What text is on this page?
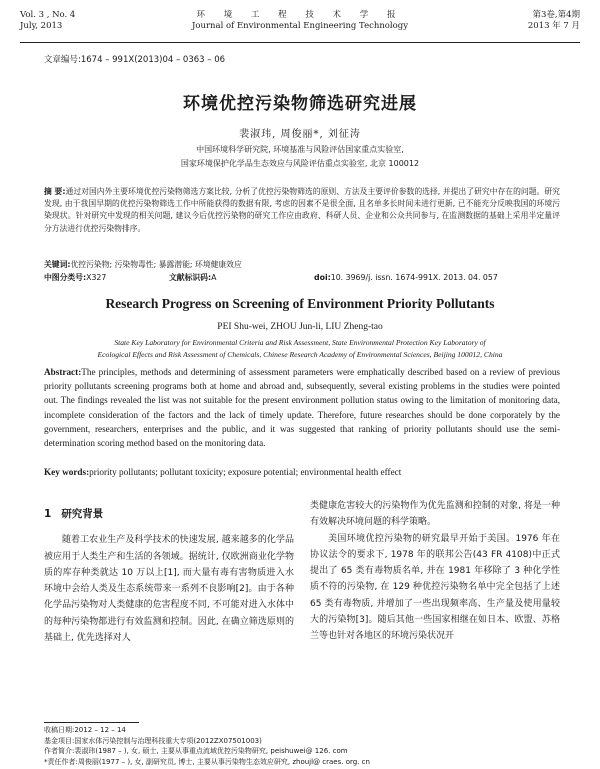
Vol. 3 , No. 4
July, 2013
环 境 工 程 技 术 学 报
Journal of Environmental Engineering Technology
第3卷,第4期
2013 年 7 月
文章编号:1674 – 991X(2013)04 – 0363 – 06
环境优控污染物筛选研究进展
裴淑玮, 周俊丽*, 刘征涛
中国环境科学研究院, 环境基准与风险评估国家重点实验室,
国家环境保护化学品生态效应与风险评估重点实验室, 北京 100012
摘 要:通过对国内外主要环境优控污染物筛选方案比较, 分析了优控污染物筛选的原则、方法及主要评价参数的选择, 并提出了研究中存在的问题。研究发现, 由于我国早期的优控污染物筛选工作中所能获得的数据有限, 考虑的因素不是很全面, 且名单多长时间未进行更新, 已不能充分反映我国的环境污染现状。针对研究中发现的相关问题, 建议今后优控污染物的研究工作应由政府、科研人员、企业和公众共同参与, 在监测数据的基础上采用半定量评分方法进行优控污染物排序。
关键词:优控污染物; 污染物毒性; 暴露潜能; 环境健康效应
中图分类号:X327	文献标识码:A	doi:10. 3969/j. issn. 1674-991X. 2013. 04. 057
Research Progress on Screening of Environment Priority Pollutants
PEI Shu-wei, ZHOU Jun-li, LIU Zheng-tao
State Key Laboratory for Environmental Criteria and Risk Assessment, State Environmental Protection Key Laboratory of
Ecological Effects and Risk Assessment of Chemicals, Chinese Research Academy of Environmental Sciences, Beijing 100012, China
Abstract:The principles, methods and determining of assessment parameters were emphatically described based on a review of previous priority pollutants screening programs both at home and abroad and, subsequently, several existing problems in the studies were pointed out. The findings revealed the list was not suitable for the present environment pollution status owing to the limitation of monitoring data, incomplete consideration of the factors and the lack of timely update. Therefore, future researches should be done corporately by the government, researchers, enterprises and the public, and it was suggested that ranking of priority pollutants should use the semi-determination scoring method based on the monitoring data.
Key words:priority pollutants; pollutant toxicity; exposure potential; environmental health effect
1 研究背景

随着工农业生产及科学技术的快速发展, 越来越多的化学品被应用于人类生产和生活的各领域。据统计, 仅欧洲商业化学物质的库存种类就达 10 万以上[1], 而大量有毒有害物质进入水环境中会给人类及生态系统带来一系列不良影响[2]。由于各种化学品污染物对人类健康的危害程度不同, 不可能对进入水体中的每种污染物都进行有效监测和控制。因此, 在确立筛选原则的基础上, 优先选择对人

类健康危害较大的污染物作为优先监测和控制的对象, 将是一种有效解决环境问题的科学策略。

美国环境优控污染物的研究最早开始于美国。1976 年在协议法令的要求下, 1978 年的联邦公告(43 FR 4108)中正式提出了 65 类有毒物质名单, 并在 1981 年移除了 3 种化学性质不符的污染物, 在 129 种优控污染物名单中完全包括了上述 65 类有毒物质, 并增加了一些出现频率高、生产量及使用量较大的污染物[3]。随后其他一些国家相继在如日本、欧盟、苏格兰等也针对各地区的环境污染状况开

收稿日期:2012 – 12 – 14
基金项目:国家水体污染控制与治理科技重大专项(2012ZX07501003)
作者简介:裴淑玮(1987 – ), 女, 硕士, 主要从事重点流域优控污染物研究, peishuwei@ 126. com
*责任作者:周俊丽(1977 – ), 女, 副研究员, 博士, 主要从事污染物生态效应研究, zhoujl@ craes. org. cn
